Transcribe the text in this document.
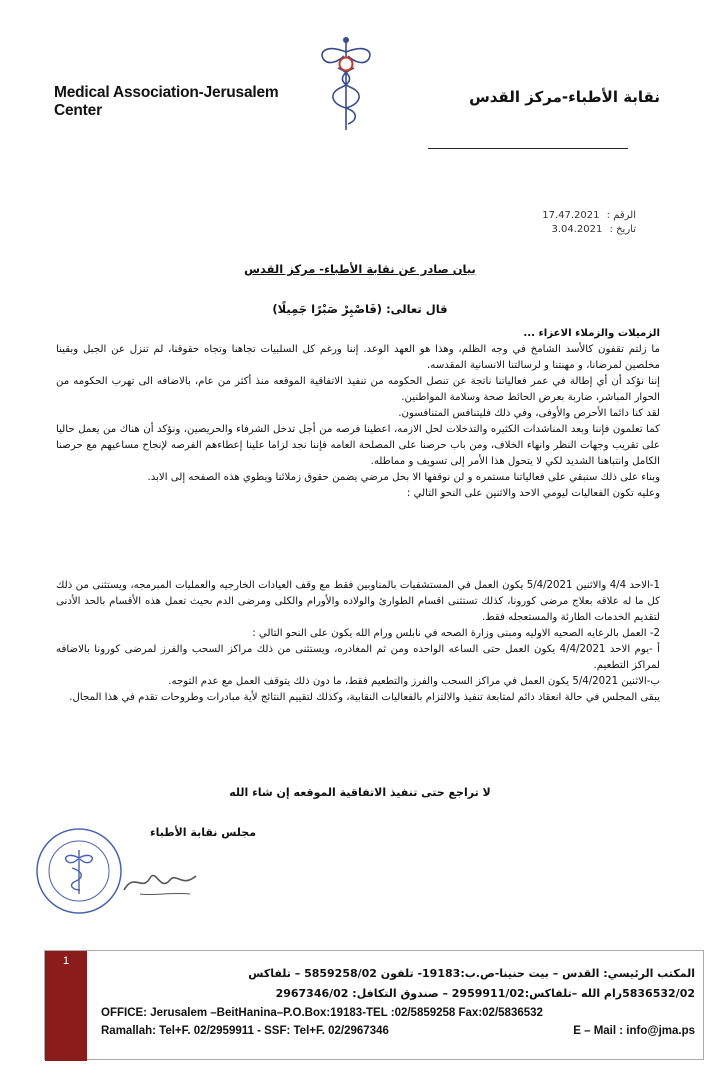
Medical Association-Jerusalem
Center
نقابة الأطباء-مركز القدس
الرقم : 17.47.2021
تاريخ : 3.04.2021
بيان صادر عن نقابة الأطباء- مركز القدس
قال تعالى: (فَاصْبِرْ صَبْرًا جَمِيلًا)

الزميلات والزملاء الاعزاء ...

ما زلتم تقفون كالأسد الشامخ في وجه الظلم، وهذا هو العهد الوعد. إننا ورغم كل السلبيات تجاهنا وتجاه حقوقنا، لم تنزل عن الجبل وبقينا مخلصين لمرضانا، و مهنتنا و لرسالتنا الانسانية المقدسه.

إننا نؤكد أن أي إطالة في عمر فعالياتنا ناتجة عن تنصل الحكومه من تنفيذ الاتفاقية الموقعه منذ أكثر من عام، بالاضافه الى تهرب الحكومه من الحوار المباشر، ضاربة بعرض الحائط صحة وسلامة المواطنين.

لقد كنا دائما الأحرص والأوفى، وفي ذلك فليتنافس المتنافسون.

كما تعلمون فإننا وبعد المناشدات الكثيره والتدخلات لحل الازمه، اعطينا فرصه من أجل تدخل الشرفاء والحريصين، ونؤكد أن هناك من يعمل حاليا على تقريب وجهات النظر وانهاء الخلاف، ومن باب حرصنا على المصلحة العامه فإننا نجد لزاما علينا إعطاءهم الفرصه لإنجاح مساعيهم مع حرصنا الكامل وانتباهنا الشديد لكي لا يتحول هذا الأمر إلى تسويف و مماطله.

وبناء على ذلك سنبقي على فعالياتنا مستمره و لن نوقفها الا بحل مرضي يضمن حقوق زملائنا ويطوي هذه الصفحه إلى الابد.

وعليه تكون الفعاليات ليومي الاحد والاثنين على النحو التالي :

1-الاحد 4/4 والاثنين 5/4/2021 يكون العمل في المستشفيات بالمناوبين فقط مع وقف العيادات الخارجيه والعمليات المبرمجه، ويستثنى من ذلك كل ما له علاقه بعلاج مرضى كورونا، كذلك تستثنى اقسام الطوارئ والولاده والأورام والكلى ومرضى الدم بحيث تعمل هذه الأقسام بالحد الأدنى لتقديم الخدمات الطارئة والمستعجله فقط.

2- العمل بالرعايه الصحيه الاوليه ومبنى وزارة الصحه في نابلس ورام الله يكون على النحو التالي :

أ -يوم الاحد 4/4/2021 يكون العمل حتى الساعه الواحده ومن ثم المغادره، ويستثنى من ذلك مراكز السحب والفرز لمرضى كورونا بالاضافه لمراكز التطعيم.

ب-الاثنين 5/4/2021 يكون العمل في مراكز السحب والفرز والتطعيم فقط، ما دون ذلك يتوقف العمل مع عدم التوجه.

يبقى المجلس في حالة انعقاد دائم لمتابعة تنفيذ والالتزام بالفعاليات النقابية، وكذلك لتقييم النتائج لأية مبادرات وطروحات تقدم في هذا المجال.

لا تراجع حتى تنفيذ الاتفاقية الموقعه إن شاء الله
مجلس نقابة الأطباء
1
المكتب الرئيسي: القدس – بيت حنينا-ص.ب:19183- تلفون 5859258/02 – تلفاكس
5836532/02رام الله –تلفاكس:2959911/02 – صندوق التكافل: 2967346/02
OFFICE: Jerusalem –BeitHanina–P.O.Box:19183-TEL :02/5859258 Fax:02/5836532
Ramallah: Tel+F. 02/2959911 - SSF: Tel+F. 02/2967346	E – Mail : info@jma.ps
